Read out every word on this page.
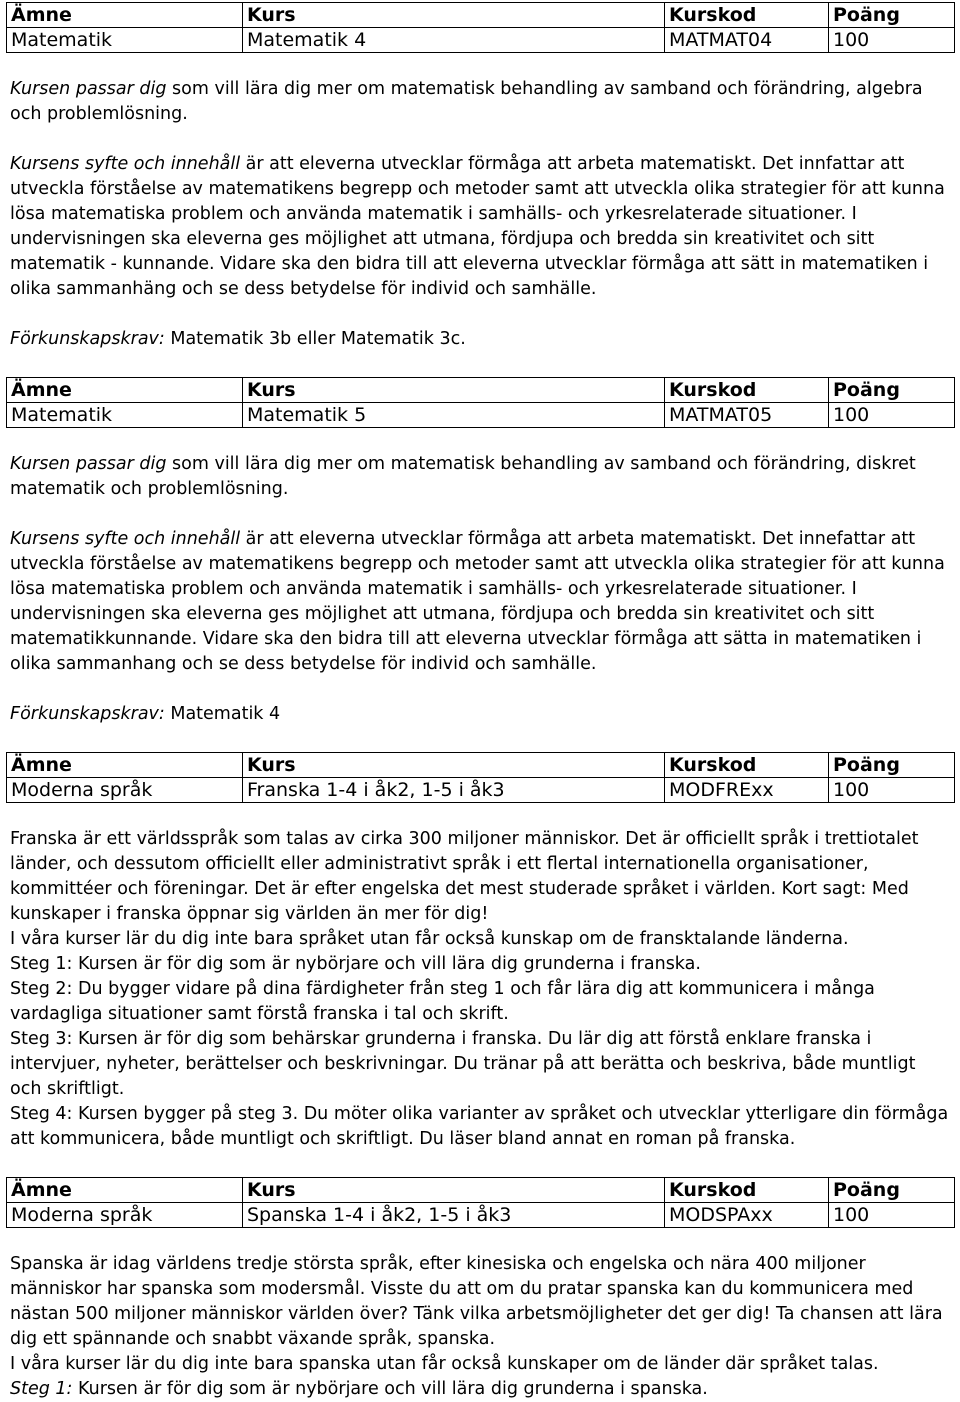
Ämne	Kurs	Kurskod	Poäng
Matematik	Matematik 4	MATMAT04	100

Kursen passar dig som vill lära dig mer om matematisk behandling av samband och förändring, algebra och problemlösning.

Kursens syfte och innehåll är att eleverna utvecklar förmåga att arbeta matematiskt. Det innfattar att utveckla förståelse av matematikens begrepp och metoder samt att utveckla olika strategier för att kunna lösa matematiska problem och använda matematik i samhälls- och yrkesrelaterade situationer. I undervisningen ska eleverna ges möjlighet att utmana, fördjupa och bredda sin kreativitet och sitt matematik - kunnande. Vidare ska den bidra till att eleverna utvecklar förmåga att sätt in matematiken i olika sammanhäng och se dess betydelse för individ och samhälle.

Förkunskapskrav: Matematik 3b eller Matematik 3c.

Ämne	Kurs	Kurskod	Poäng
Matematik	Matematik 5	MATMAT05	100

Kursen passar dig som vill lära dig mer om matematisk behandling av samband och förändring, diskret matematik och problemlösning.

Kursens syfte och innehåll är att eleverna utvecklar förmåga att arbeta matematiskt. Det innefattar att utveckla förståelse av matematikens begrepp och metoder samt att utveckla olika strategier för att kunna lösa matematiska problem och använda matematik i samhälls- och yrkesrelaterade situationer. I undervisningen ska eleverna ges möjlighet att utmana, fördjupa och bredda sin kreativitet och sitt matematikkunnande. Vidare ska den bidra till att eleverna utvecklar förmåga att sätta in matematiken i olika sammanhang och se dess betydelse för individ och samhälle.

Förkunskapskrav: Matematik 4

Ämne	Kurs	Kurskod	Poäng
Moderna språk	Franska 1-4 i åk2, 1-5 i åk3	MODFRExx	100

Franska är ett världsspråk som talas av cirka 300 miljoner människor. Det är officiellt språk i trettiotalet länder, och dessutom officiellt eller administrativt språk i ett flertal internationella organisationer, kommittéer och föreningar. Det är efter engelska det mest studerade språket i världen. Kort sagt: Med kunskaper i franska öppnar sig världen än mer för dig!

I våra kurser lär du dig inte bara språket utan får också kunskap om de fransktalande länderna.

Steg 1: Kursen är för dig som är nybörjare och vill lära dig grunderna i franska.

Steg 2: Du bygger vidare på dina färdigheter från steg 1 och får lära dig att kommunicera i många vardagliga situationer samt förstå franska i tal och skrift.

Steg 3: Kursen är för dig som behärskar grunderna i franska. Du lär dig att förstå enklare franska i intervjuer, nyheter, berättelser och beskrivningar. Du tränar på att berätta och beskriva, både muntligt och skriftligt.

Steg 4: Kursen bygger på steg 3. Du möter olika varianter av språket och utvecklar ytterligare din förmåga att kommunicera, både muntligt och skriftligt. Du läser bland annat en roman på franska.

Ämne	Kurs	Kurskod	Poäng
Moderna språk	Spanska 1-4 i åk2, 1-5 i åk3	MODSPAxx	100

Spanska är idag världens tredje största språk, efter kinesiska och engelska och nära 400 miljoner människor har spanska som modersmål. Visste du att om du pratar spanska kan du kommunicera med nästan 500 miljoner människor världen över? Tänk vilka arbetsmöjligheter det ger dig! Ta chansen att lära dig ett spännande och snabbt växande språk, spanska.

I våra kurser lär du dig inte bara spanska utan får också kunskaper om de länder där språket talas.

Steg 1: Kursen är för dig som är nybörjare och vill lära dig grunderna i spanska.
